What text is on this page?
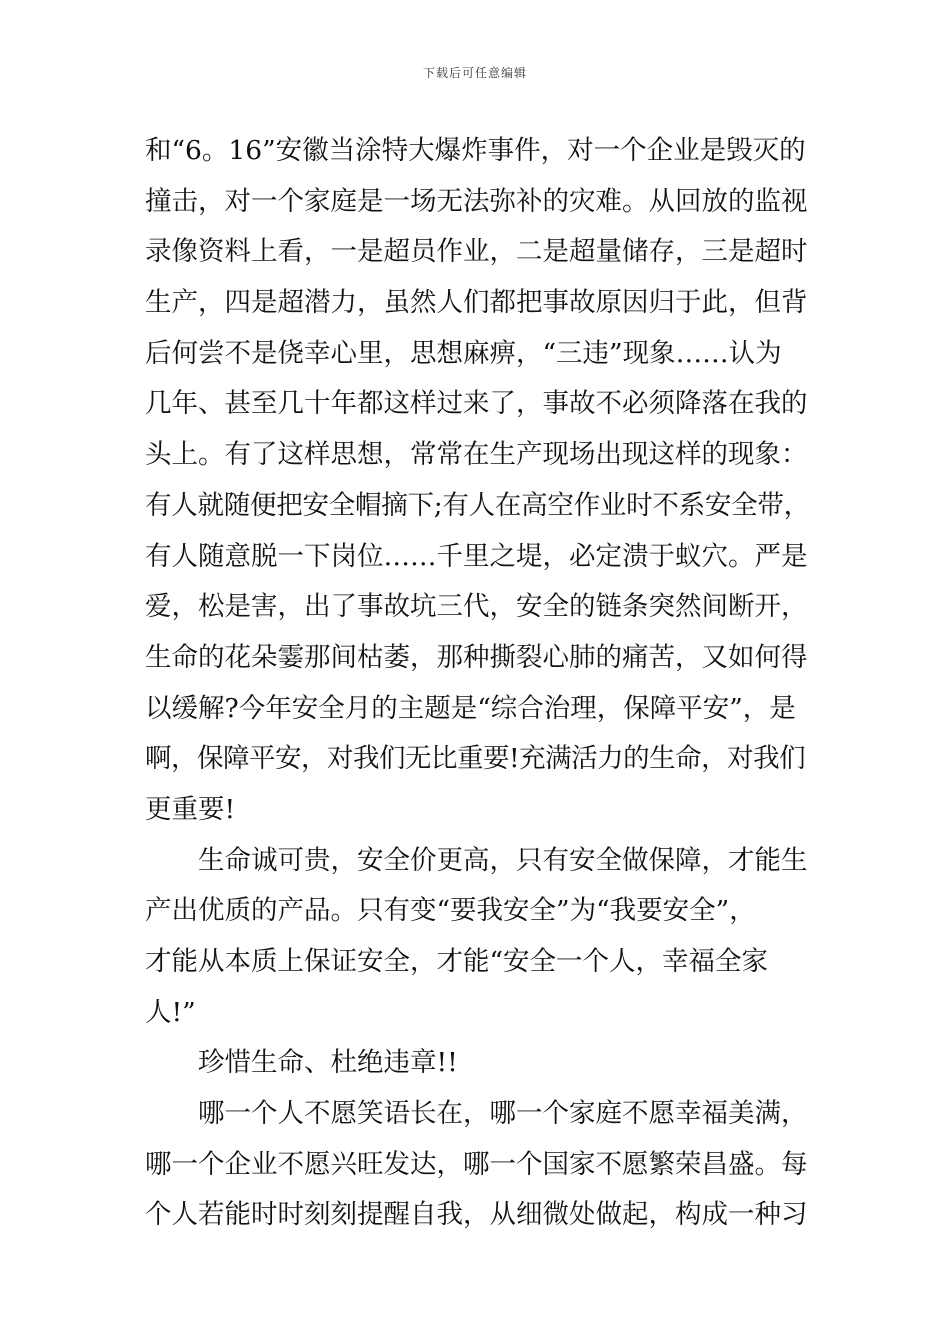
下载后可任意编辑
和“6。16”安徽当涂特大爆炸事件，对一个企业是毁灭的
撞击，对一个家庭是一场无法弥补的灾难。从回放的监视
录像资料上看，一是超员作业，二是超量储存，三是超时
生产，四是超潜力，虽然人们都把事故原因归于此，但背
后何尝不是侥幸心里，思想麻痹，“三违”现象……认为
几年、甚至几十年都这样过来了，事故不必须降落在我的
头上。有了这样思想，常常在生产现场出现这样的现象：
有人就随便把安全帽摘下;有人在高空作业时不系安全带，
有人随意脱一下岗位……千里之堤，必定溃于蚁穴。严是
爱，松是害，出了事故坑三代，安全的链条突然间断开，
生命的花朵霎那间枯萎，那种撕裂心肺的痛苦，又如何得
以缓解?今年安全月的主题是“综合治理，保障平安”，是
啊，保障平安，对我们无比重要!充满活力的生命，对我们
更重要!
生命诚可贵，安全价更高，只有安全做保障，才能生
产出优质的产品。只有变“要我安全”为“我要安全”，
才能从本质上保证安全，才能“安全一个人，幸福全家
人!”
珍惜生命、杜绝违章!!
哪一个人不愿笑语长在，哪一个家庭不愿幸福美满，
哪一个企业不愿兴旺发达，哪一个国家不愿繁荣昌盛。每
个人若能时时刻刻提醒自我，从细微处做起，构成一种习
